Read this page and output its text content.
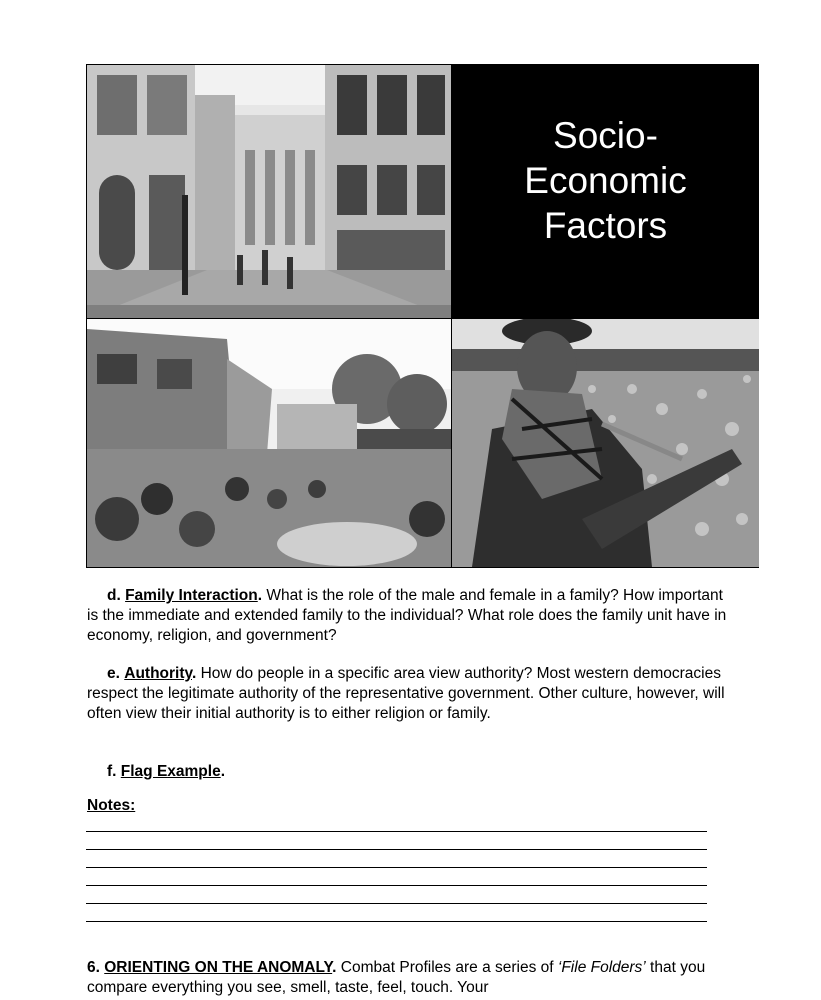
Socio-
Economic
Factors

d. Family Interaction. What is the role of the male and female in a family? How important is the immediate and extended family to the individual? What role does the family unit have in economy, religion, and government?

e. Authority. How do people in a specific area view authority? Most western democracies respect the legitimate authority of the representative government. Other culture, however, will often view their initial authority is to either religion or family.

f. Flag Example.

Notes:

6. ORIENTING ON THE ANOMALY. Combat Profiles are a series of ‘File Folders’ that you compare everything you see, smell, taste, feel, touch. Your
